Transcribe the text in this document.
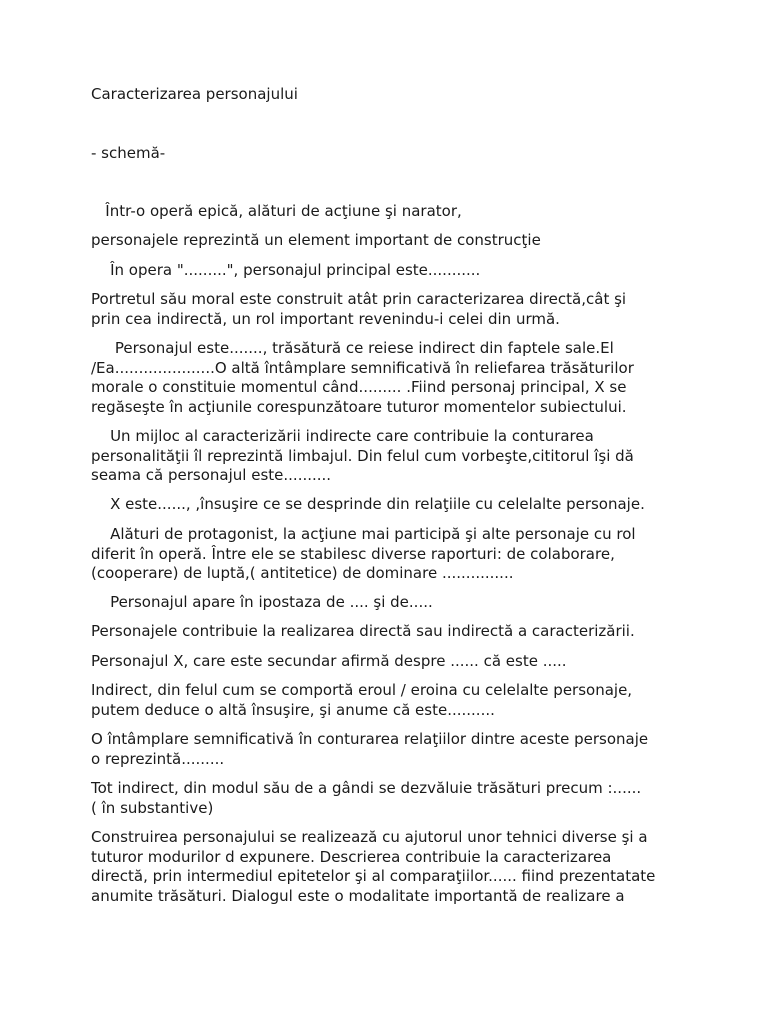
Caracterizarea personajului
- schemă-
Într-o operă epică, alături de acţiune şi narator,
personajele reprezintă un element important de construcţie
În opera ".........", personajul principal este...........
Portretul său moral este construit atât prin caracterizarea directă,cât şi
prin cea indirectă, un rol important revenindu-i celei din urmă.
Personajul este......., trăsătură ce reiese indirect din faptele sale.El
/Ea.....................O altă întâmplare semnificativă în reliefarea trăsăturilor
morale o constituie momentul când......... .Fiind personaj principal, X se
regăseşte în acţiunile corespunzătoare tuturor momentelor subiectului.
Un mijloc al caracterizării indirecte care contribuie la conturarea
personalităţii îl reprezintă limbajul. Din felul cum vorbeşte,cititorul îşi dă
seama că personajul este..........
X este......, ,însuşire ce se desprinde din relaţiile cu celelalte personaje.
Alături de protagonist, la acţiune mai participă şi alte personaje cu rol
diferit în operă. Între ele se stabilesc diverse raporturi: de colaborare,
(cooperare) de luptă,( antitetice) de dominare ...............
Personajul apare în ipostaza de .... şi de.....
Personajele contribuie la realizarea directă sau indirectă a caracterizării.
Personajul X, care este secundar afirmă despre ...... că este .....
Indirect, din felul cum se comportă eroul / eroina cu celelalte personaje,
putem deduce o altă însuşire, şi anume că este..........
O întâmplare semnificativă în conturarea relaţiilor dintre aceste personaje
o reprezintă.........
Tot indirect, din modul său de a gândi se dezvăluie trăsături precum :......
( în substantive)
Construirea personajului se realizează cu ajutorul unor tehnici diverse şi a
tuturor modurilor d expunere. Descrierea contribuie la caracterizarea
directă, prin intermediul epitetelor şi al comparaţiilor...... fiind prezentatate
anumite trăsături. Dialogul este o modalitate importantă de realizare a
